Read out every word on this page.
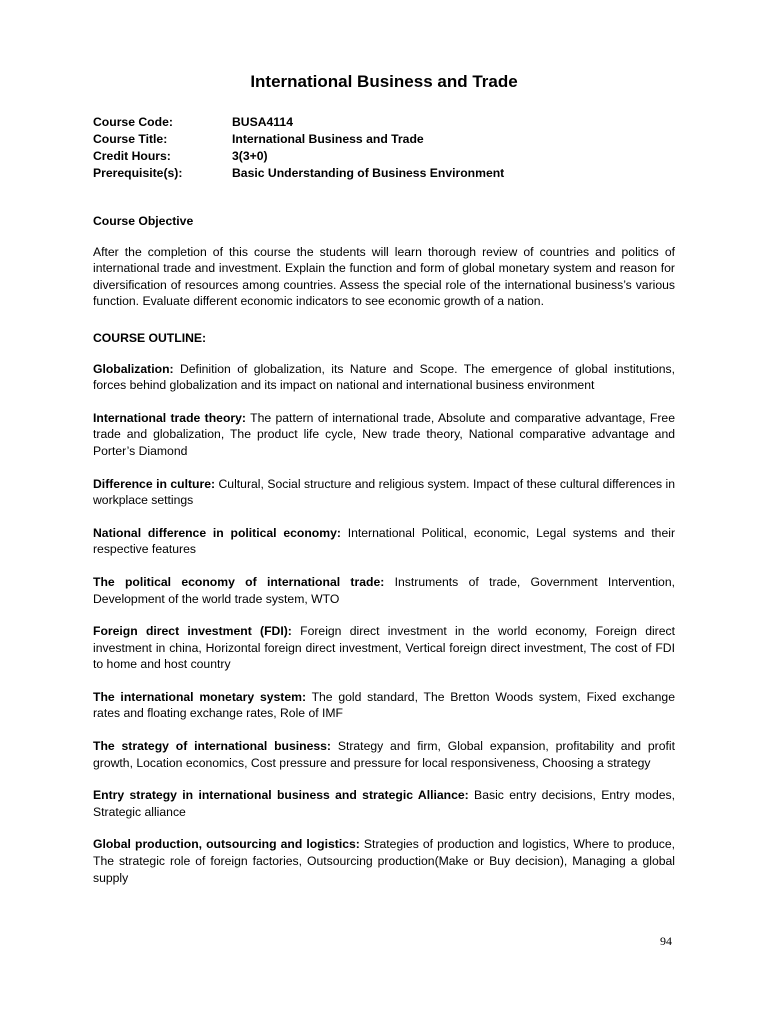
International Business and Trade
Course Code:	BUSA4114
Course Title:	International Business and Trade
Credit Hours:	3(3+0)
Prerequisite(s):	Basic Understanding of Business Environment

Course Objective

After the completion of this course the students will learn thorough review of countries and politics of international trade and investment. Explain the function and form of global monetary system and reason for diversification of resources among countries. Assess the special role of the international business’s various function. Evaluate different economic indicators to see economic growth of a nation.

COURSE OUTLINE:

Globalization: Definition of globalization, its Nature and Scope. The emergence of global institutions, forces behind globalization and its impact on national and international business environment

International trade theory: The pattern of international trade, Absolute and comparative advantage, Free trade and globalization, The product life cycle, New trade theory, National comparative advantage and Porter’s Diamond

Difference in culture: Cultural, Social structure and religious system. Impact of these cultural differences in workplace settings

National difference in political economy: International Political, economic, Legal systems and their respective features

The political economy of international trade: Instruments of trade, Government Intervention, Development of the world trade system, WTO

Foreign direct investment (FDI): Foreign direct investment in the world economy, Foreign direct investment in china, Horizontal foreign direct investment, Vertical foreign direct investment, The cost of FDI to home and host country

The international monetary system: The gold standard, The Bretton Woods system, Fixed exchange rates and floating exchange rates, Role of IMF

The strategy of international business: Strategy and firm, Global expansion, profitability and profit growth, Location economics, Cost pressure and pressure for local responsiveness, Choosing a strategy

Entry strategy in international business and strategic Alliance: Basic entry decisions, Entry modes, Strategic alliance

Global production, outsourcing and logistics: Strategies of production and logistics, Where to produce, The strategic role of foreign factories, Outsourcing production(Make or Buy decision), Managing a global supply

94
